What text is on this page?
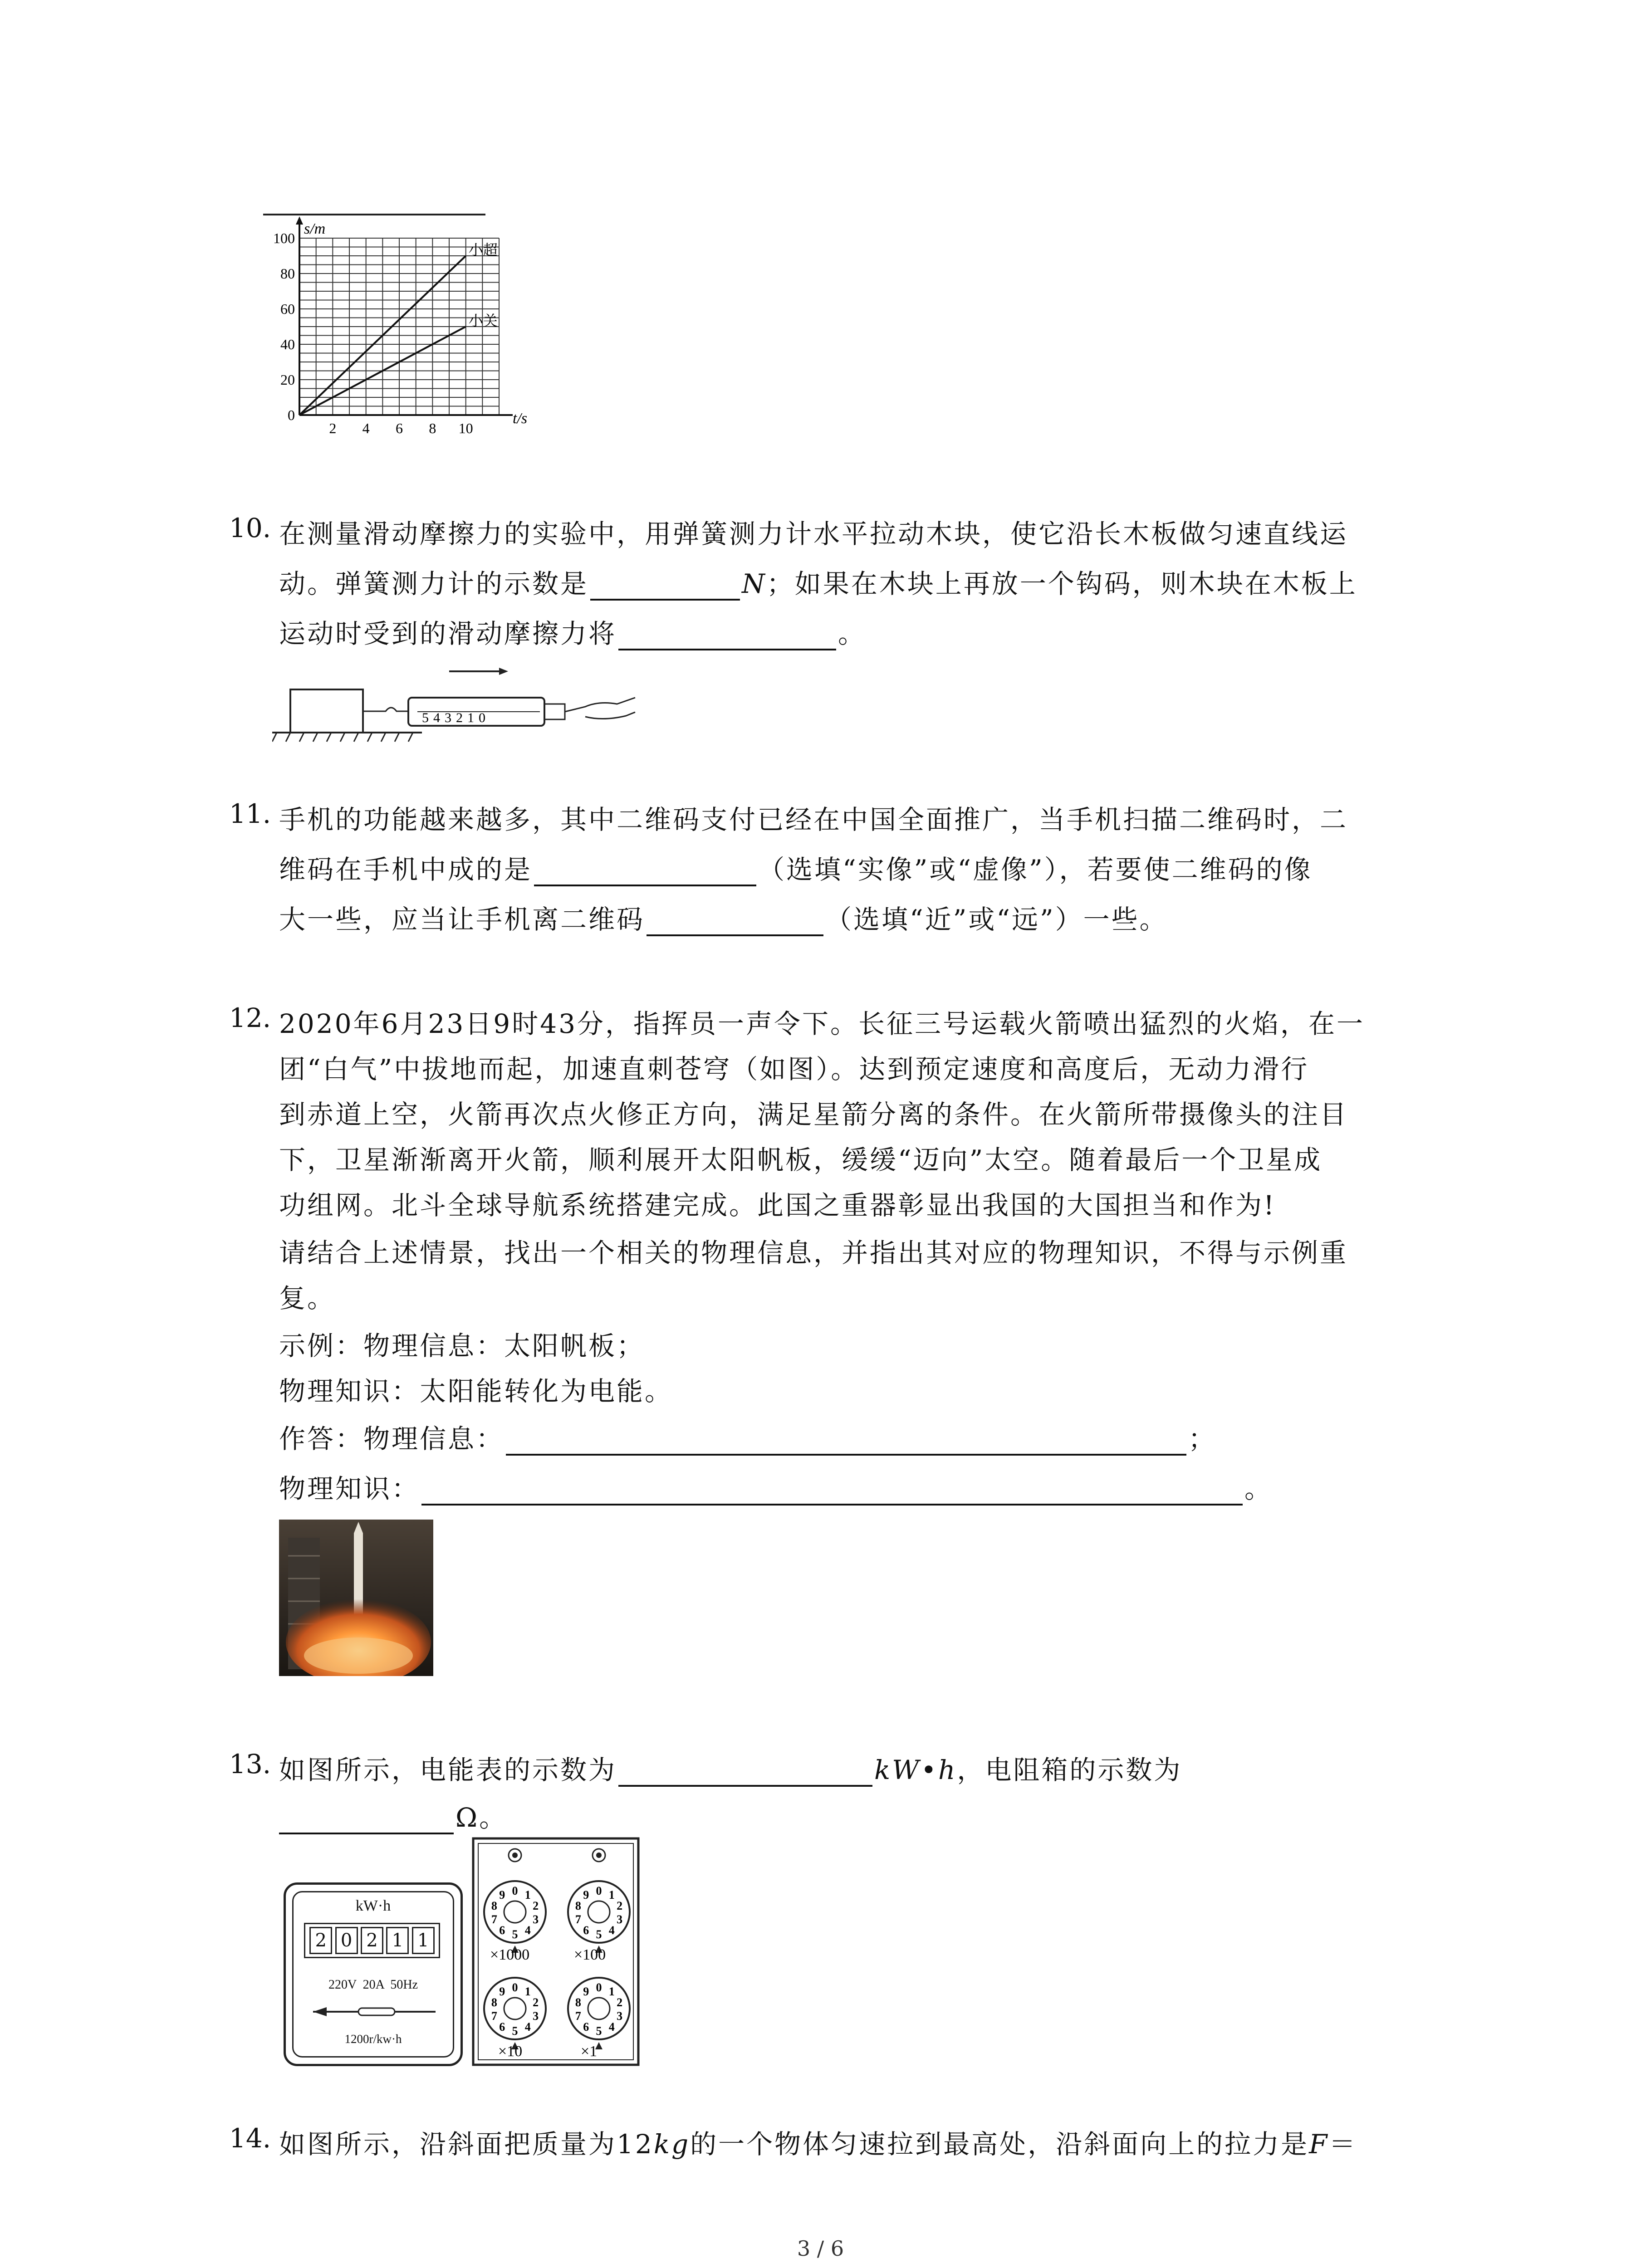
0
20
40
60
80
100
2 4 6 8 10
小超
小关
s/m
t/s
10. 在测量滑动摩擦力的实验中，用弹簧测力计水平拉动木块，使它沿长木板做匀速直线运
动。弹簧测力计的示数是	N；如果在木块上再放一个钩码，则木块在木板上
运动时受到的滑动摩擦力将	。
543210
11. 手机的功能越来越多，其中二维码支付已经在中国全面推广，当手机扫描二维码时，二
维码在手机中成的是	（选填“实像”或“虚像”），若要使二维码的像
大一些，应当让手机离二维码	（选填“近”或“远”）一些。
12. 2020年6月23日9时43分，指挥员一声令下。长征三号运载火箭喷出猛烈的火焰，在一
团“白气”中拔地而起，加速直刺苍穹（如图）。达到预定速度和高度后，无动力滑行
到赤道上空，火箭再次点火修正方向，满足星箭分离的条件。在火箭所带摄像头的注目
下，卫星渐渐离开火箭，顺利展开太阳帆板，缓缓“迈向”太空。随着最后一个卫星成
功组网。北斗全球导航系统搭建完成。此国之重器彰显出我国的大国担当和作为!
请结合上述情景，找出一个相关的物理信息，并指出其对应的物理知识，不得与示例重
复。
示例：物理信息：太阳帆板；
物理知识：太阳能转化为电能。
作答：物理信息：	；
物理知识：	。
13. 如图所示，电能表的示数为	kW•h，电阻箱的示数为
Ω。
kW·h
2 0 2 1 1
220V  20A  50Hz
1200r/kw·h
0 1
2
3
4
5
6
7
8
9	0 1
2
3
4
5
6
7
8
9
0 1
2
3
4
5
6
7
8
9	0 1
2
3
4
5
6
7
8
9
×1000	×100
×10	×1
14. 如图所示，沿斜面把质量为12kg的一个物体匀速拉到最高处，沿斜面向上的拉力是F＝
3 / 6
